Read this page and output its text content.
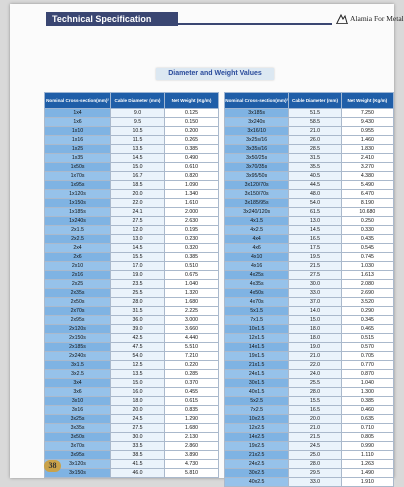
Technical Specification	Alamia For Metal
Diameter and Weight Values
Nominal Cross-section(mm)²	Cable Diameter (mm)	Net Weight (Kg/m)
1x4	9.0	0.125
1x6	9.5	0.150
1x10	10.5	0.200
1x16	11.5	0.265
1x25	13.5	0.385
1x35	14.5	0.490
1x50s	15.0	0.610
1x70s	16.7	0.820
1x95s	18.5	1.090
1x120s	20.0	1.340
1x150s	22.0	1.610
1x185s	24.1	2.000
1x240s	27.5	2.630
2x1.5	12.0	0.195
2x2.5	13.0	0.230
2x4	14.5	0.320
2x6	15.5	0.385
2x10	17.0	0.510
2x16	19.0	0.675
2x25	23.5	1.040
2x35s	25.5	1.320
2x50s	28.0	1.680
2x70s	31.5	2.225
2x95s	36.0	3.000
2x120s	39.0	3.660
2x150s	42.5	4.440
2x185s	47.5	5.510
2x240s	54.0	7.210
3x1.5	12.5	0.220
3x2.5	13.5	0.285
3x4	15.0	0.370
3x6	16.0	0.455
3x10	18.0	0.615
3x16	20.0	0.835
3x25s	24.5	1.290
3x35s	27.5	1.680
3x50s	30.0	2.130
3x70s	33.5	2.860
3x95s	38.5	3.890
3x120s	41.5	4.730
3x150s	46.0	5.810
Nominal Cross-section(mm)²	Cable Diameter (mm)	Net Weight (Kg/m)
3x185s	51.5	7.250
3x240s	58.5	9.430
3x16/10	21.0	0.955
3x25s/16	26.0	1.460
3x35s/16	28.5	1.830
3x50/25s	31.5	2.410
3x70/35s	35.5	3.270
3x95/50s	40.5	4.380
3x120/70s	44.5	5.490
3x150/70s	48.0	6.470
3x185/95s	54.0	8.190
3x240/120s	61.5	10.680
4x1.5	13.0	0.250
4x2.5	14.5	0.330
4x4	16.5	0.435
4x6	17.5	0.545
4x10	19.5	0.745
4x16	21.5	1.030
4x25s	27.5	1.613
4x35s	30.0	2.080
4x50s	33.0	2.690
4x70s	37.0	3.520
5x1.5	14.0	0.290
7x1.5	15.0	0.345
10x1.5	18.0	0.465
12x1.5	18.0	0.515
14x1.5	19.0	0.570
19x1.5	21.0	0.705
21x1.5	22.0	0.770
24x1.5	24.0	0.870
30x1.5	25.5	1.040
40x1.5	28.0	1.300
5x2.5	15.5	0.385
7x2.5	16.5	0.460
10x2.5	20.0	0.635
12x2.5	21.0	0.710
14x2.5	21.5	0.805
19x2.5	24.5	0.990
21x2.5	25.0	1.110
24x2.5	28.0	1.263
30x2.5	29.5	1.490
40x2.5	33.0	1.910
38
